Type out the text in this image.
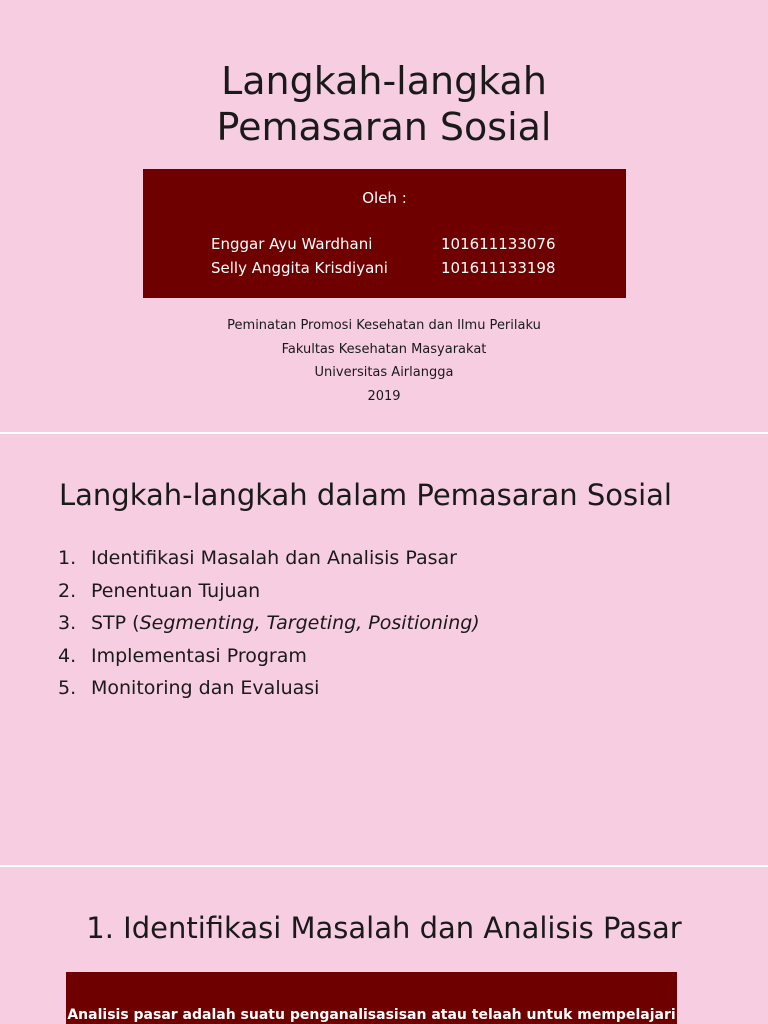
Langkah-langkah
Pemasaran Sosial
Oleh :
Enggar Ayu Wardhani	101611133076
Selly Anggita Krisdiyani	101611133198
Peminatan Promosi Kesehatan dan Ilmu Perilaku
Fakultas Kesehatan Masyarakat
Universitas Airlangga
2019
Langkah-langkah dalam Pemasaran Sosial
1. Identifikasi Masalah dan Analisis Pasar
2. Penentuan Tujuan
3. STP (Segmenting, Targeting, Positioning)
4. Implementasi Program
5. Monitoring dan Evaluasi
1. Identifikasi Masalah dan Analisis Pasar
Analisis pasar adalah suatu penganalisasisan atau telaah untuk mempelajari
